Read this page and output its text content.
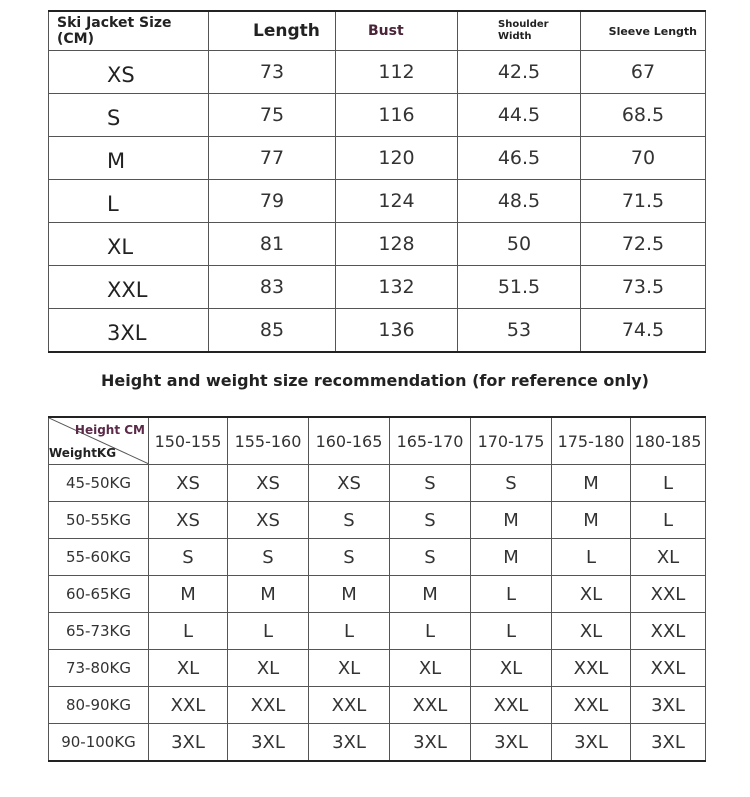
Ski Jacket Size (CM)	Length	Bust	Shoulder Width	Sleeve Length
XS	73	112	42.5	67
S	75	116	44.5	68.5
M	77	120	46.5	70
L	79	124	48.5	71.5
XL	81	128	50	72.5
XXL	83	132	51.5	73.5
3XL	85	136	53	74.5

Height and weight size recommendation (for reference only)

Height CM
WeightKG	150-155	155-160	160-165	165-170	170-175	175-180	180-185
45-50KG	XS	XS	XS	S	S	M	L
50-55KG	XS	XS	S	S	M	M	L
55-60KG	S	S	S	S	M	L	XL
60-65KG	M	M	M	M	L	XL	XXL
65-73KG	L	L	L	L	L	XL	XXL
73-80KG	XL	XL	XL	XL	XL	XXL	XXL
80-90KG	XXL	XXL	XXL	XXL	XXL	XXL	3XL
90-100KG	3XL	3XL	3XL	3XL	3XL	3XL	3XL
